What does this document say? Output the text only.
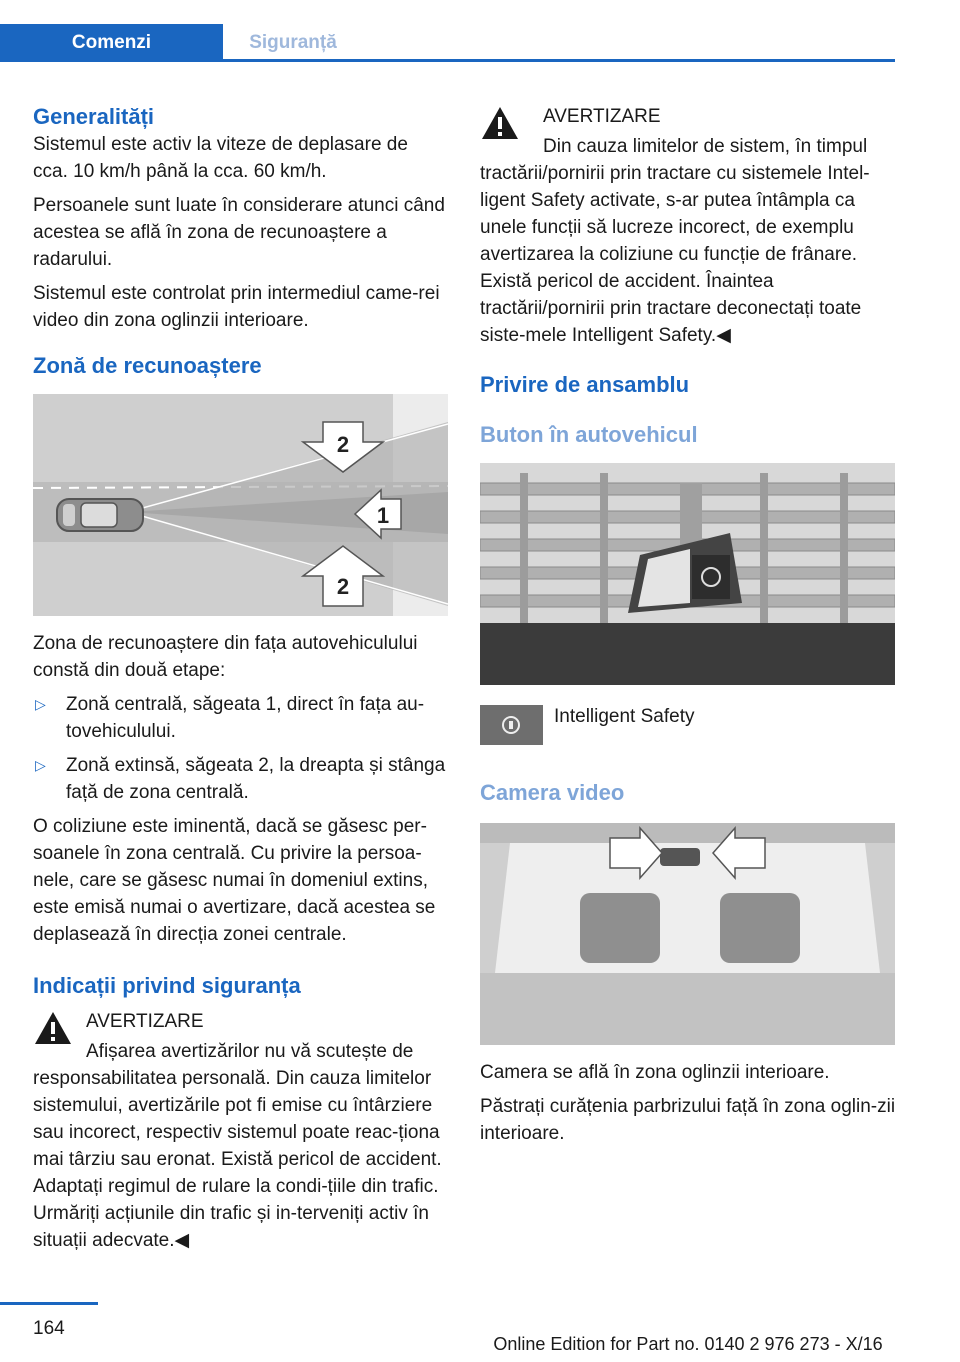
Comenzi	Siguranță
Generalități

Sistemul este activ la viteze de deplasare de cca. 10 km/h până la cca. 60 km/h.

Persoanele sunt luate în considerare atunci când acestea se află în zona de recunoaștere a radarului.

Sistemul este controlat prin intermediul came‐rei video din zona oglinzii interioare.

Zonă de recunoaștere
2
1
2

Zona de recunoaștere din fața autovehiculului constă din două etape:

▷ Zonă centrală, săgeata 1, direct în fața au‐tovehiculului.
▷ Zonă extinsă, săgeata 2, la dreapta și stânga față de zona centrală.

O coliziune este iminentă, dacă se găsesc per‐soanele în zona centrală. Cu privire la persoa‐nele, care se găsesc numai în domeniul extins, este emisă numai o avertizare, dacă acestea se deplasează în direcția zonei centrale.

Indicații privind siguranța
AVERTIZARE

Afișarea avertizărilor nu vă scutește de responsabilitatea personală. Din cauza limitelor sistemului, avertizările pot fi emise cu întârziere sau incorect, respectiv sistemul poate reac‐ționa mai târziu sau eronat. Există pericol de accident. Adaptați regimul de rulare la condi‐țiile din trafic. Urmăriți acțiunile din trafic și in‐terveniți activ în situații adecvate.◀

AVERTIZARE

Din cauza limitelor de sistem, în timpul tractării/pornirii prin tractare cu sistemele Intel‐ligent Safety activate, s-ar putea întâmpla ca unele funcții să lucreze incorect, de exemplu avertizarea la coliziune cu funcție de frânare. Există pericol de accident. Înaintea tractării/pornirii prin tractare deconectați toate siste‐mele Intelligent Safety.◀

Privire de ansamblu
Buton în autovehicul
Intelligent Safety
Camera video

Camera se află în zona oglinzii interioare.

Păstrați curățenia parbrizului față în zona oglin‐zii interioare.

164
Online Edition for Part no. 0140 2 976 273 - X/16
